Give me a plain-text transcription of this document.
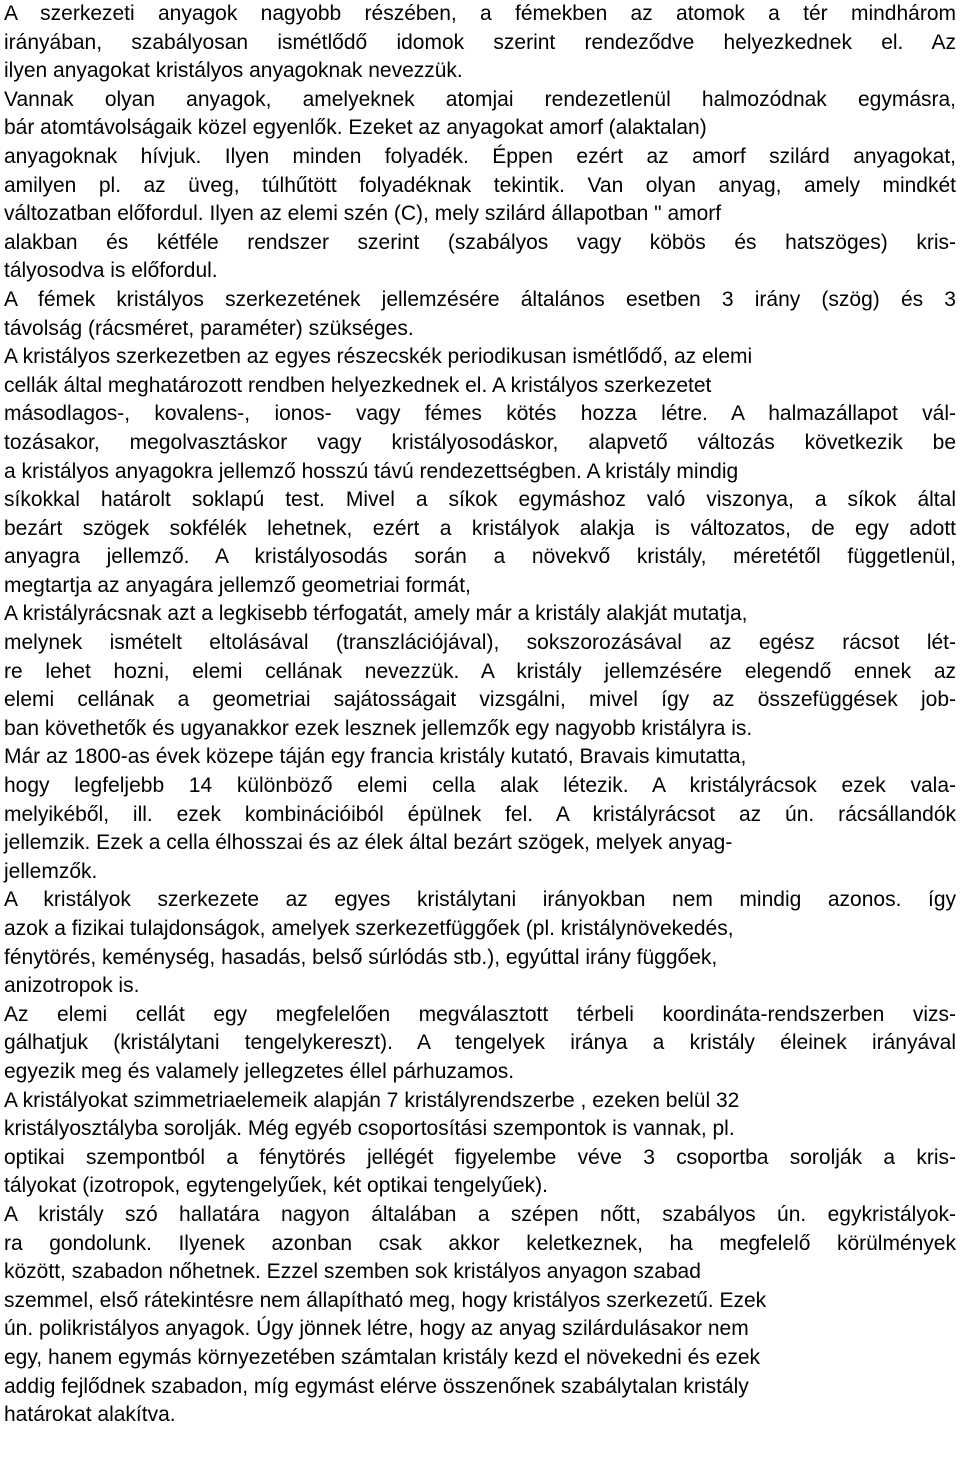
A szerkezeti anyagok nagyobb részében, a fémekben az atomok a tér mindhárom
irányában, szabályosan ismétlődő idomok szerint rendeződve helyezkednek el. Az
ilyen anyagokat kristályos anyagoknak nevezzük.
Vannak olyan anyagok, amelyeknek atomjai rendezetlenül halmozódnak egymásra,
bár atomtávolságaik közel egyenlők. Ezeket az anyagokat amorf (alaktalan)
anyagoknak hívjuk. Ilyen minden folyadék. Éppen ezért az amorf szilárd anyagokat,
amilyen pl. az üveg, túlhűtött folyadéknak tekintik. Van olyan anyag, amely mindkét
változatban előfordul. Ilyen az elemi szén (C), mely szilárd állapotban " amorf
alakban és kétféle rendszer szerint (szabályos vagy köbös és hatszöges) kris-
tályosodva is előfordul.
A fémek kristályos szerkezetének jellemzésére általános esetben 3 irány (szög) és 3
távolság (rácsméret, paraméter) szükséges.
A kristályos szerkezetben az egyes részecskék periodikusan ismétlődő, az elemi
cellák által meghatározott rendben helyezkednek el. A kristályos szerkezetet
másodlagos-, kovalens-, ionos- vagy fémes kötés hozza létre. A halmazállapot vál-
tozásakor, megolvasztáskor vagy kristályosodáskor, alapvető változás következik be
a kristályos anyagokra jellemző hosszú távú rendezettségben. A kristály mindig
síkokkal határolt soklapú test. Mivel a síkok egymáshoz való viszonya, a síkok által
bezárt szögek sokfélék lehetnek, ezért a kristályok alakja is változatos, de egy adott
anyagra jellemző. A kristályosodás során a növekvő kristály, méretétől függetlenül,
megtartja az anyagára jellemző geometriai formát,
A kristályrácsnak azt a legkisebb térfogatát, amely már a kristály alakját mutatja,
melynek ismételt eltolásával (transzlációjával), sokszorozásával az egész rácsot lét-
re lehet hozni, elemi cellának nevezzük. A kristály jellemzésére elegendő ennek az
elemi cellának a geometriai sajátosságait vizsgálni, mivel így az összefüggések job-
ban követhetők és ugyanakkor ezek lesznek jellemzők egy nagyobb kristályra is.
Már az 1800-as évek közepe táján egy francia kristály kutató, Bravais kimutatta,
hogy legfeljebb 14 különböző elemi cella alak létezik. A kristályrácsok ezek vala-
melyikéből, ill. ezek kombinációiból épülnek fel. A kristályrácsot az ún. rácsállandók
jellemzik. Ezek a cella élhosszai és az élek által bezárt szögek, melyek anyag-
jellemzők.
A kristályok szerkezete az egyes kristálytani irányokban nem mindig azonos. így
azok a fizikai tulajdonságok, amelyek szerkezetfüggőek (pl. kristálynövekedés,
fénytörés, keménység, hasadás, belső súrlódás stb.), egyúttal irány függőek,
anizotropok is.
Az elemi cellát egy megfelelően megválasztott térbeli koordináta-rendszerben vizs-
gálhatjuk (kristálytani tengelykereszt). A tengelyek iránya a kristály éleinek irányával
egyezik meg és valamely jellegzetes éllel párhuzamos.
A kristályokat szimmetriaelemeik alapján 7 kristályrendszerbe , ezeken belül 32
kristályosztályba sorolják. Még egyéb csoportosítási szempontok is vannak, pl.
optikai szempontból a fénytörés jellégét figyelembe véve 3 csoportba sorolják a kris-
tályokat (izotropok, egytengelyűek, két optikai tengelyűek).
A kristály szó hallatára nagyon általában a szépen nőtt, szabályos ún. egykristályok-
ra gondolunk. Ilyenek azonban csak akkor keletkeznek, ha megfelelő körülmények
között, szabadon nőhetnek. Ezzel szemben sok kristályos anyagon szabad
szemmel, első rátekintésre nem állapítható meg, hogy kristályos szerkezetű. Ezek
ún. polikristályos anyagok. Úgy jönnek létre, hogy az anyag szilárdulásakor nem
egy, hanem egymás környezetében számtalan kristály kezd el növekedni és ezek
addig fejlődnek szabadon, míg egymást elérve összenőnek szabálytalan kristály
határokat alakítva.
